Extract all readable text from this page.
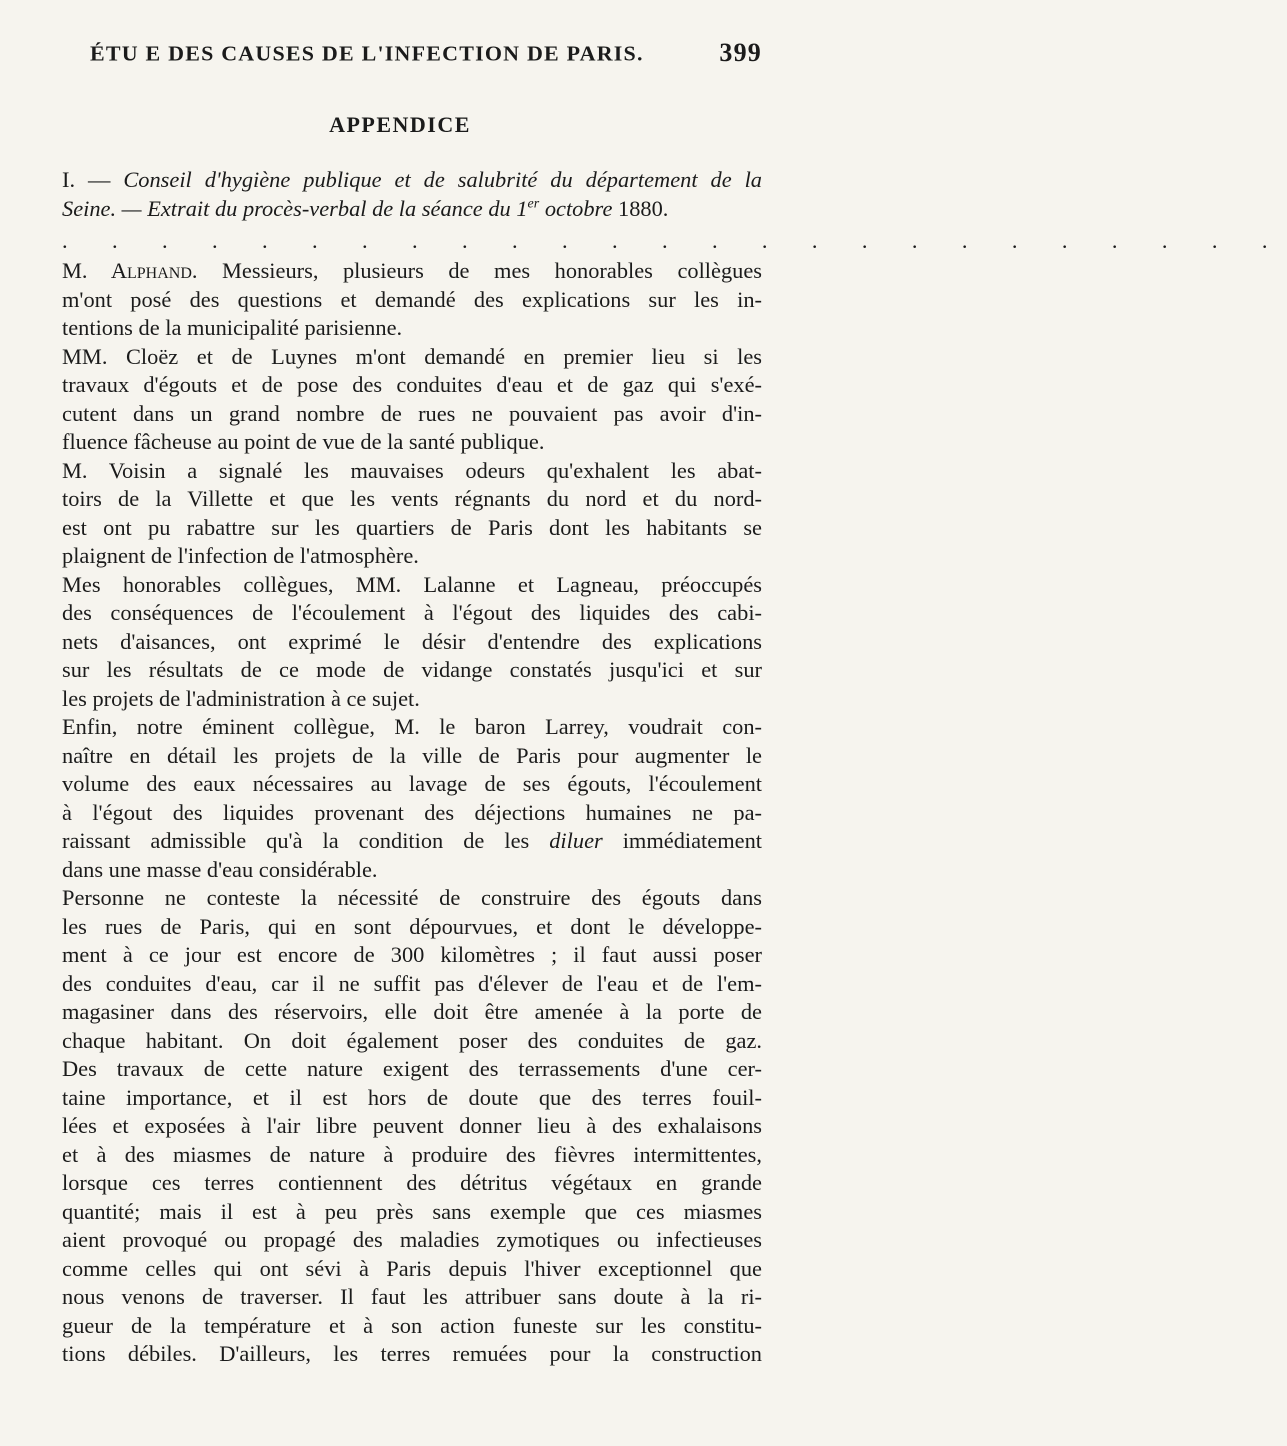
ÉTU E DES CAUSES DE L'INFECTION DE PARIS.	399
APPENDICE
I. — Conseil d'hygiène publique et de salubrité du département de la
Seine. — Extrait du procès-verbal de la séance du 1er octobre 1880.
. . . . . . . . . . . . . . . . . . . . . . . . .
M. Alphand. Messieurs, plusieurs de mes honorables collègues
m'ont posé des questions et demandé des explications sur les in-
tentions de la municipalité parisienne.
MM. Cloëz et de Luynes m'ont demandé en premier lieu si les
travaux d'égouts et de pose des conduites d'eau et de gaz qui s'exé-
cutent dans un grand nombre de rues ne pouvaient pas avoir d'in-
fluence fâcheuse au point de vue de la santé publique.
M. Voisin a signalé les mauvaises odeurs qu'exhalent les abat-
toirs de la Villette et que les vents régnants du nord et du nord-
est ont pu rabattre sur les quartiers de Paris dont les habitants se
plaignent de l'infection de l'atmosphère.
Mes honorables collègues, MM. Lalanne et Lagneau, préoccupés
des conséquences de l'écoulement à l'égout des liquides des cabi-
nets d'aisances, ont exprimé le désir d'entendre des explications
sur les résultats de ce mode de vidange constatés jusqu'ici et sur
les projets de l'administration à ce sujet.
Enfin, notre éminent collègue, M. le baron Larrey, voudrait con-
naître en détail les projets de la ville de Paris pour augmenter le
volume des eaux nécessaires au lavage de ses égouts, l'écoulement
à l'égout des liquides provenant des déjections humaines ne pa-
raissant admissible qu'à la condition de les diluer immédiatement
dans une masse d'eau considérable.
Personne ne conteste la nécessité de construire des égouts dans
les rues de Paris, qui en sont dépourvues, et dont le développe-
ment à ce jour est encore de 300 kilomètres ; il faut aussi poser
des conduites d'eau, car il ne suffit pas d'élever de l'eau et de l'em-
magasiner dans des réservoirs, elle doit être amenée à la porte de
chaque habitant. On doit également poser des conduites de gaz.
Des travaux de cette nature exigent des terrassements d'une cer-
taine importance, et il est hors de doute que des terres fouil-
lées et exposées à l'air libre peuvent donner lieu à des exhalaisons
et à des miasmes de nature à produire des fièvres intermittentes,
lorsque ces terres contiennent des détritus végétaux en grande
quantité; mais il est à peu près sans exemple que ces miasmes
aient provoqué ou propagé des maladies zymotiques ou infectieuses
comme celles qui ont sévi à Paris depuis l'hiver exceptionnel que
nous venons de traverser. Il faut les attribuer sans doute à la ri-
gueur de la température et à son action funeste sur les constitu-
tions débiles. D'ailleurs, les terres remuées pour la construction
